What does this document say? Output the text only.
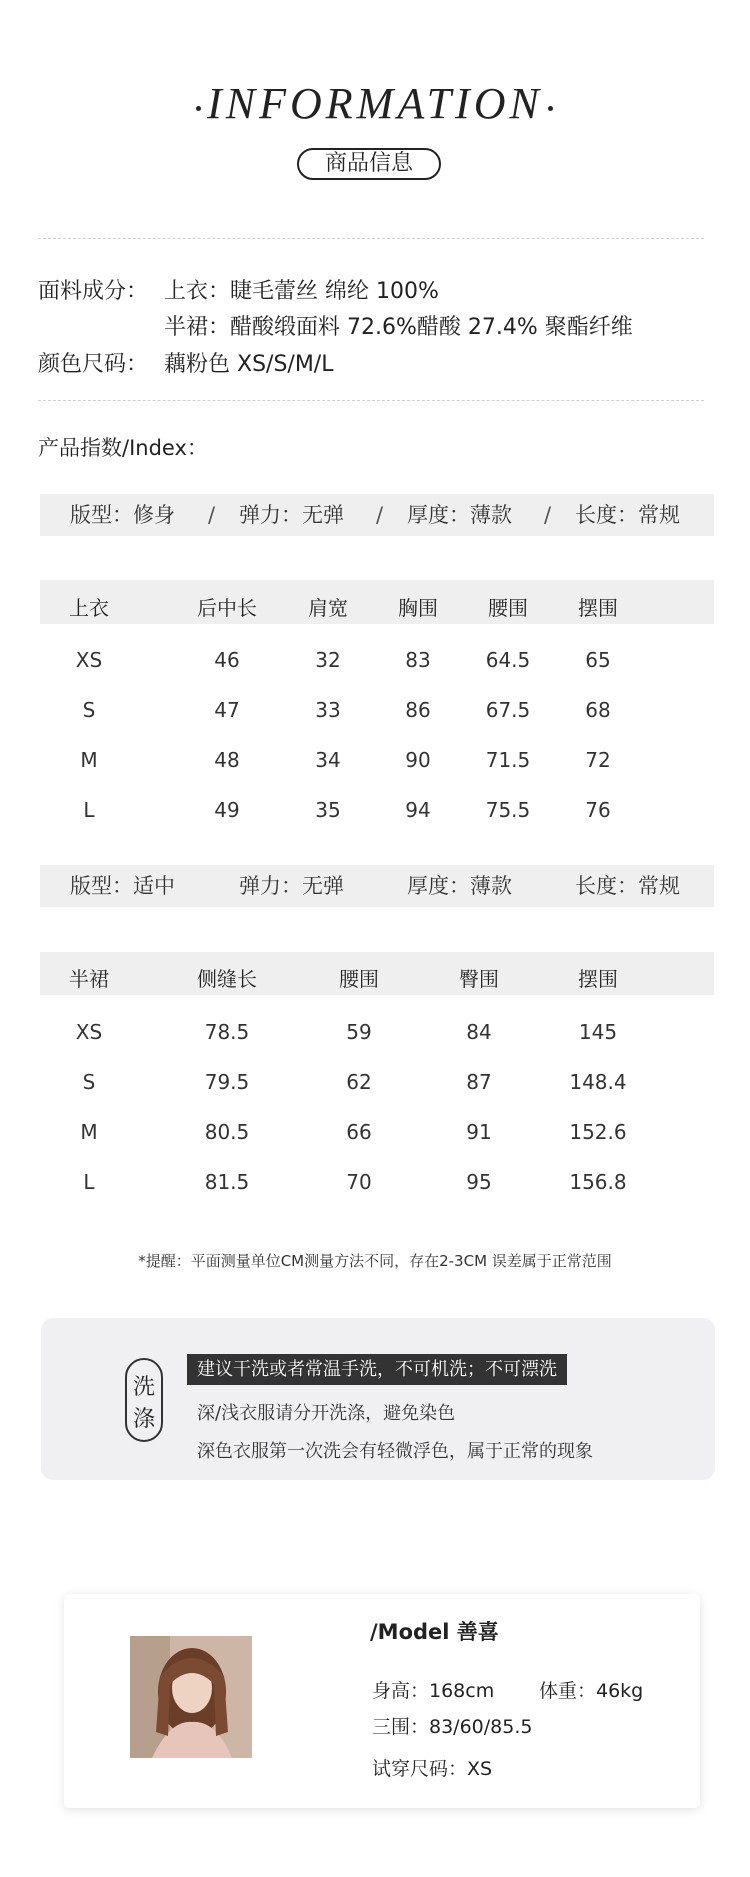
INFORMATION
商品信息
面料成分： 上衣：睫毛蕾丝 绵纶 100%
半裙：醋酸缎面料 72.6%醋酸 27.4% 聚酯纤维
颜色尺码： 藕粉色 XS/S/M/L
产品指数/Index：
版型：修身 / 弹力：无弹 / 厚度：薄款 / 长度：常规
上衣	后中长	肩宽	胸围	腰围	摆围
XS	46	32	83	64.5	65
S	47	33	86	67.5	68
M	48	34	90	71.5	72
L	49	35	94	75.5	76
版型：适中	弹力：无弹	厚度：薄款	长度：常规
半裙	侧缝长	腰围	臀围	摆围
XS	78.5	59	84	145
S	79.5	62	87	148.4
M	80.5	66	91	152.6
L	81.5	70	95	156.8
*提醒：平面测量单位CM测量方法不同，存在2-3CM 误差属于正常范围
洗
涤
建议干洗或者常温手洗，不可机洗；不可漂洗
深/浅衣服请分开洗涤，避免染色
深色衣服第一次洗会有轻微浮色，属于正常的现象
/Model 善喜
身高：168cm 体重：46kg
三围：83/60/85.5
试穿尺码：XS
